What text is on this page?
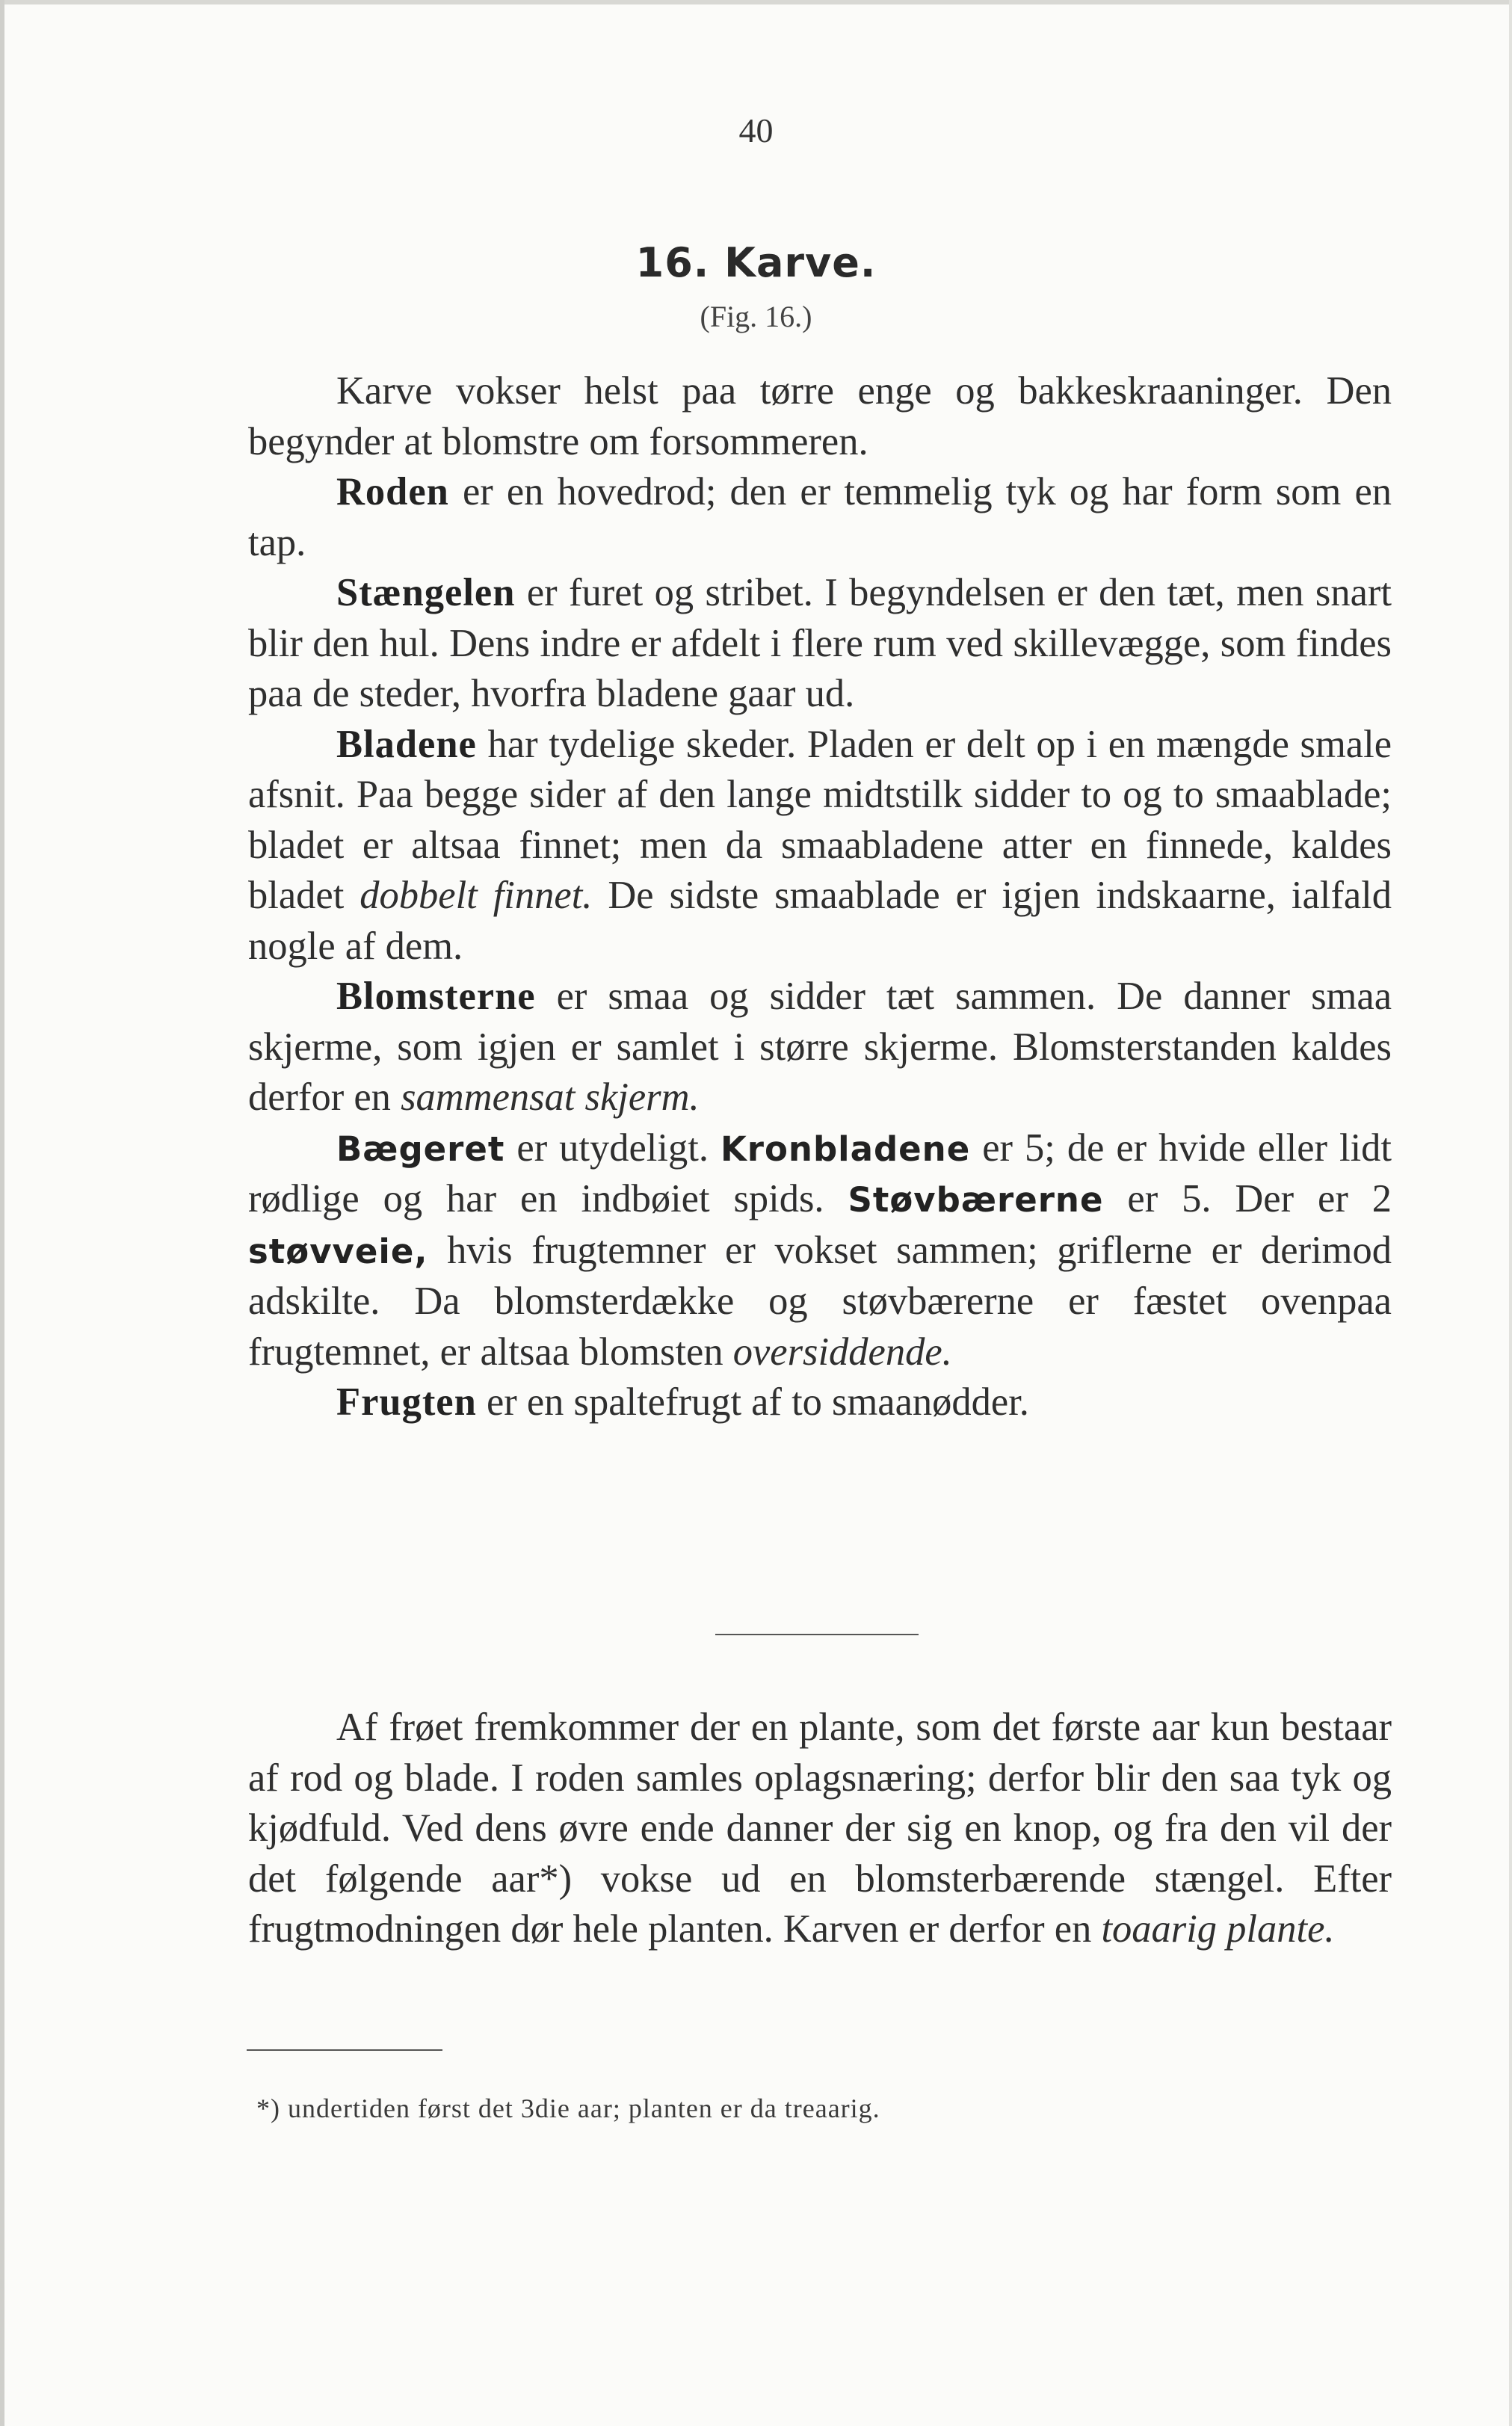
40
16. Karve.
(Fig. 16.)

Karve vokser helst paa tørre enge og bakkeskraaninger. Den begynder at blomstre om forsommeren.

Roden er en hovedrod; den er temmelig tyk og har form som en tap.

Stængelen er furet og stribet. I begyndelsen er den tæt, men snart blir den hul. Dens indre er afdelt i flere rum ved skillevægge, som findes paa de steder, hvorfra bladene gaar ud.

Bladene har tydelige skeder. Pladen er delt op i en mængde smale afsnit. Paa begge sider af den lange midtstilk sidder to og to smaablade; bladet er altsaa finnet; men da smaabladene atter en finnede, kaldes bladet dobbelt finnet. De sidste smaablade er igjen indskaarne, ialfald nogle af dem.

Blomsterne er smaa og sidder tæt sammen. De danner smaa skjerme, som igjen er samlet i større skjerme. Blomsterstanden kaldes derfor en sammensat skjerm.

Bægeret er utydeligt. Kronbladene er 5; de er hvide eller lidt rødlige og har en indbøiet spids. Støvbærerne er 5. Der er 2 støvveie, hvis frugtemner er vokset sammen; griflerne er derimod adskilte. Da blomsterdække og støvbærerne er fæstet ovenpaa frugtemnet, er altsaa blomsten oversiddende.

Frugten er en spaltefrugt af to smaanødder.

Af frøet fremkommer der en plante, som det første aar kun bestaar af rod og blade. I roden samles oplagsnæring; derfor blir den saa tyk og kjødfuld. Ved dens øvre ende danner der sig en knop, og fra den vil der det følgende aar*) vokse ud en blomsterbærende stængel. Efter frugtmodningen dør hele planten. Karven er derfor en toaarig plante.

*) undertiden først det 3die aar; planten er da treaarig.
